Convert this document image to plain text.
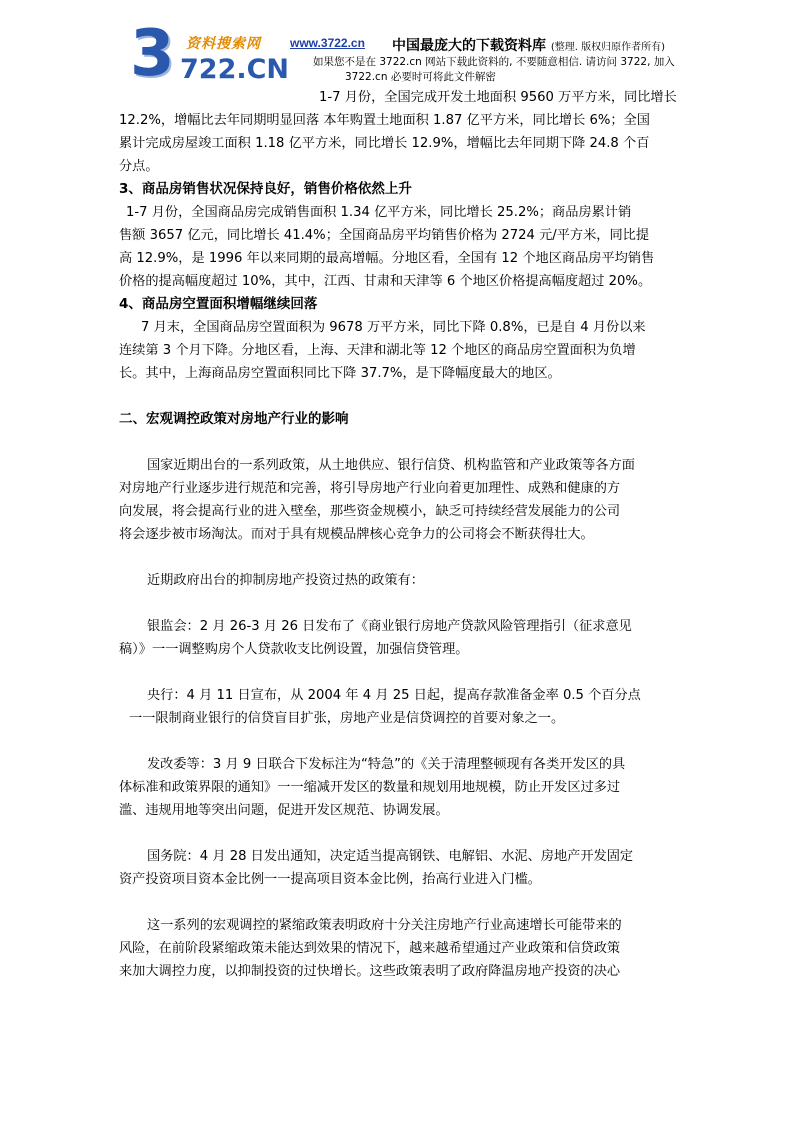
3 资料搜索网
722.CN
www.3722.cn 中国最庞大的下载资料库 (整理. 版权归原作者所有)

如果您不是在 3722.cn 网站下载此资料的, 不要随意相信. 请访问 3722, 加入

3722.cn 必要时可将此文件解密

1-7 月份，全国完成开发土地面积 9560 万平方米，同比增长
12.2%，增幅比去年同期明显回落 本年购置土地面积 1.87 亿平方米，同比增长 6%；全国
累计完成房屋竣工面积 1.18 亿平方米，同比增长 12.9%，增幅比去年同期下降 24.8 个百
分点。
3、商品房销售状况保持良好，销售价格依然上升
1-7 月份，全国商品房完成销售面积 1.34 亿平方米，同比增长 25.2%；商品房累计销
售额 3657 亿元，同比增长 41.4%；全国商品房平均销售价格为 2724 元/平方米，同比提
高 12.9%，是 1996 年以来同期的最高增幅。分地区看，全国有 12 个地区商品房平均销售
价格的提高幅度超过 10%，其中，江西、甘肃和天津等 6 个地区价格提高幅度超过 20%。
4、商品房空置面积增幅继续回落
7 月末，全国商品房空置面积为 9678 万平方米，同比下降 0.8%，已是自 4 月份以来
连续第 3 个月下降。分地区看，上海、天津和湖北等 12 个地区的商品房空置面积为负增
长。其中，上海商品房空置面积同比下降 37.7%，是下降幅度最大的地区。
二、宏观调控政策对房地产行业的影响
国家近期出台的一系列政策，从土地供应、银行信贷、机构监管和产业政策等各方面
对房地产行业逐步进行规范和完善，将引导房地产行业向着更加理性、成熟和健康的方
向发展，将会提高行业的进入壁垒，那些资金规模小，缺乏可持续经营发展能力的公司
将会逐步被市场淘汰。而对于具有规模品牌核心竞争力的公司将会不断获得壮大。
近期政府出台的抑制房地产投资过热的政策有：
银监会：2 月 26-3 月 26 日发布了《商业银行房地产贷款风险管理指引（征求意见
稿）》一一调整购房个人贷款收支比例设置，加强信贷管理。
央行：4 月 11 日宣布，从 2004 年 4 月 25 日起，提高存款准备金率 0.5 个百分点
一一限制商业银行的信贷盲目扩张，房地产业是信贷调控的首要对象之一。
发改委等：3 月 9 日联合下发标注为“特急”的《关于清理整顿现有各类开发区的具
体标准和政策界限的通知》一一缩减开发区的数量和规划用地规模，防止开发区过多过
滥、违规用地等突出问题，促进开发区规范、协调发展。
国务院：4 月 28 日发出通知，决定适当提高钢铁、电解铝、水泥、房地产开发固定
资产投资项目资本金比例一一提高项目资本金比例，抬高行业进入门槛。
这一系列的宏观调控的紧缩政策表明政府十分关注房地产行业高速增长可能带来的
风险，在前阶段紧缩政策未能达到效果的情况下，越来越希望通过产业政策和信贷政策
来加大调控力度，以抑制投资的过快增长。这些政策表明了政府降温房地产投资的决心
